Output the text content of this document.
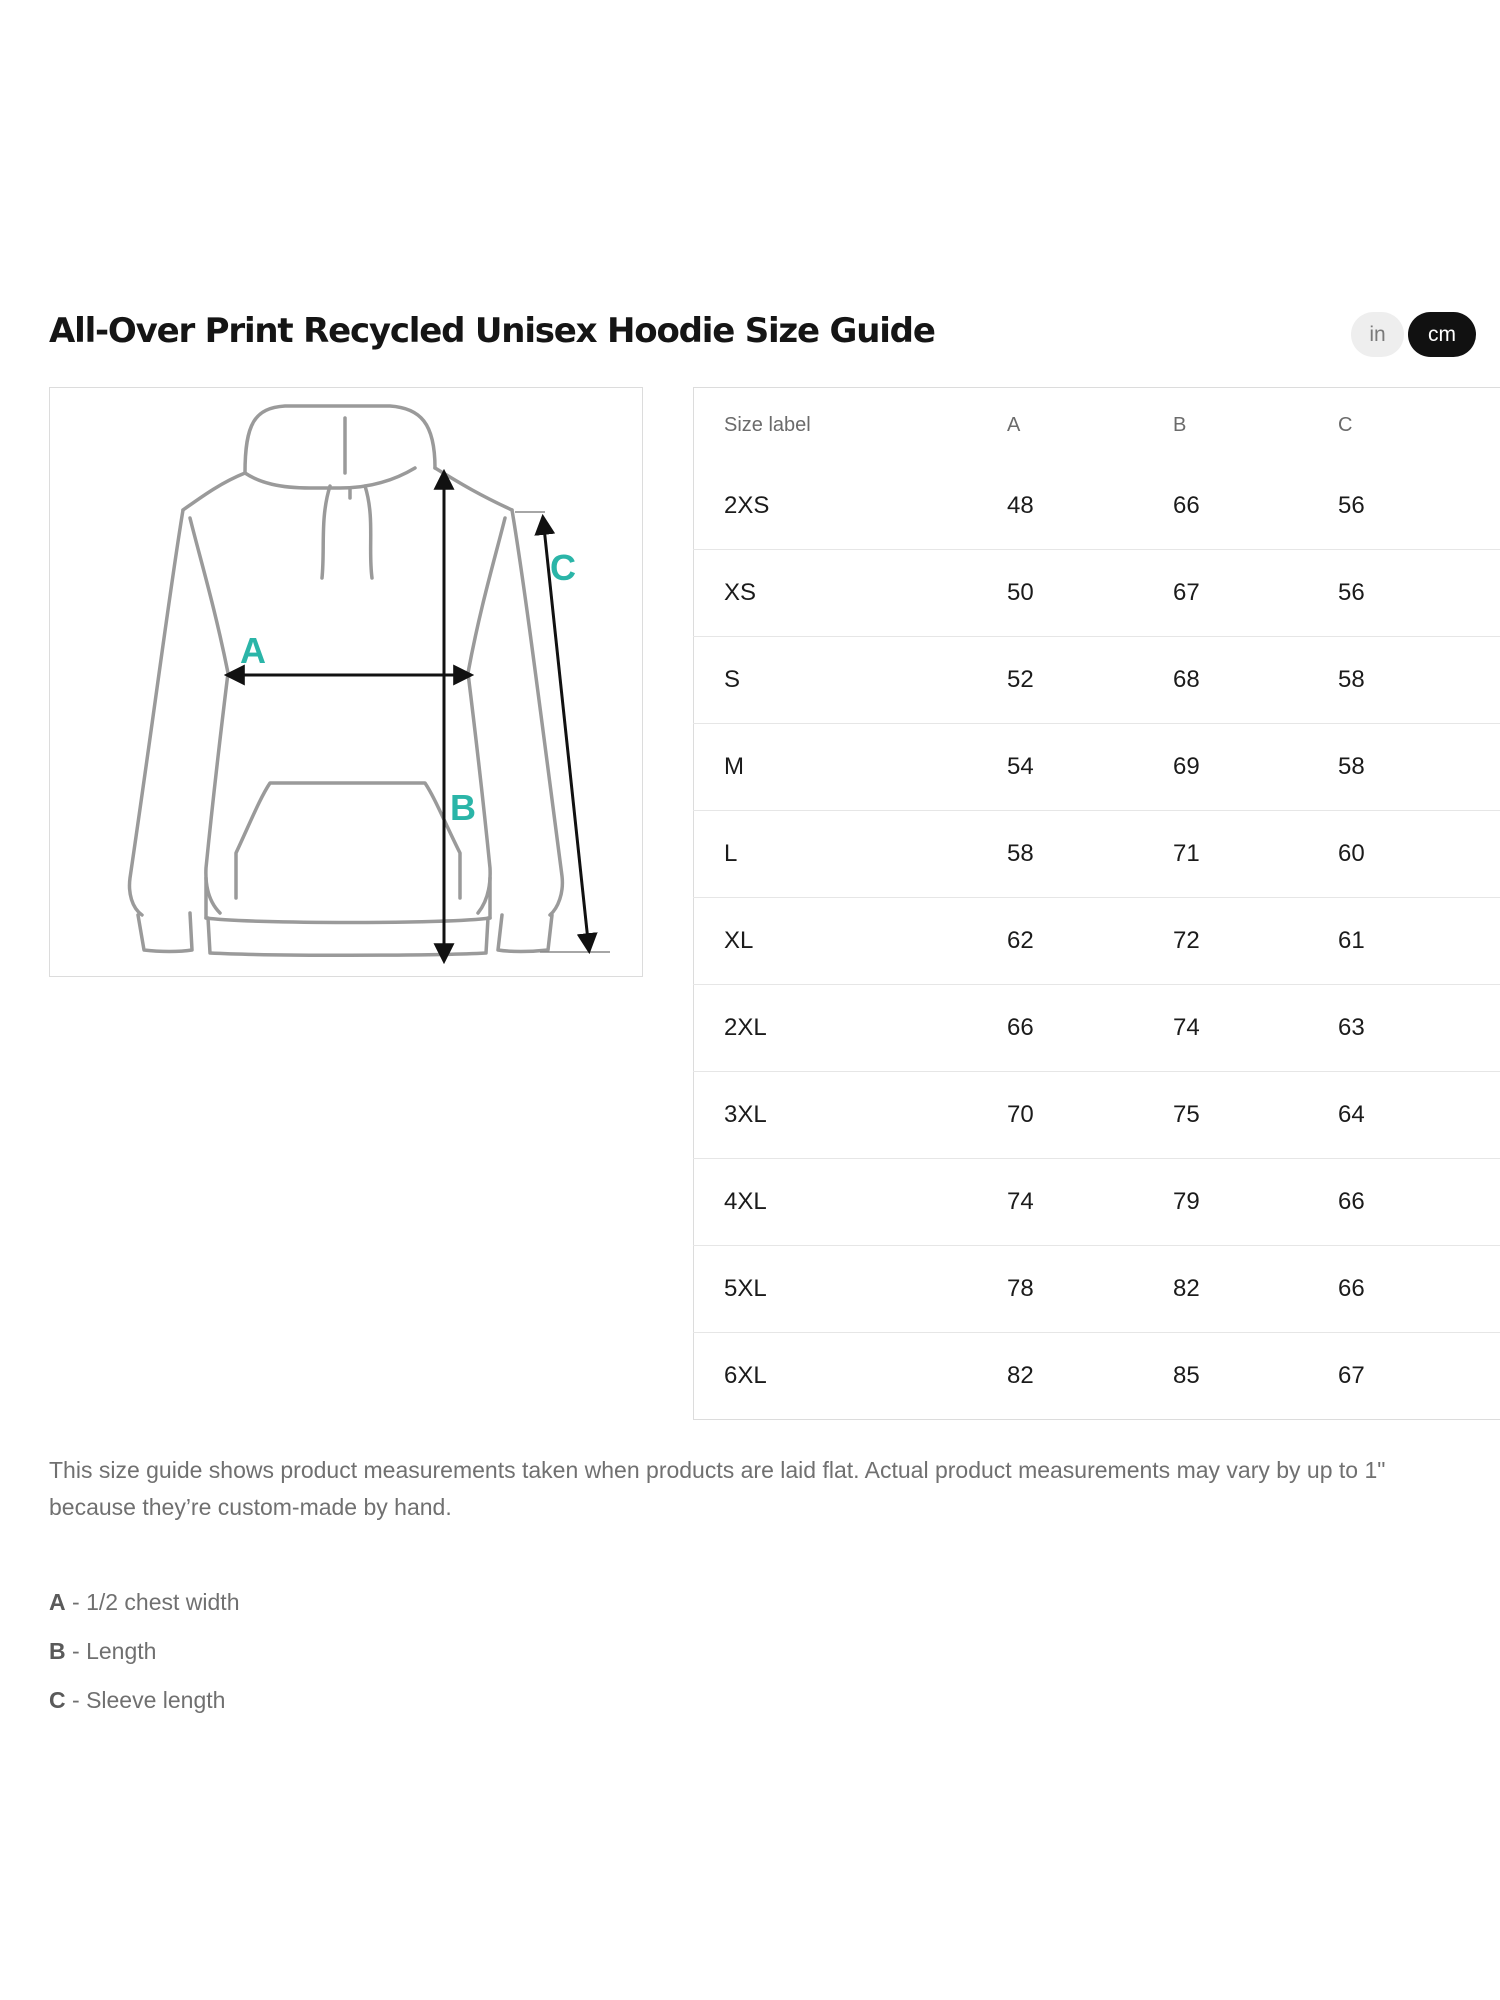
All-Over Print Recycled Unisex Hoodie Size Guide	in	cm
A
B
C
Size label	A	B	C
2XS	48	66	56
XS	50	67	56
S	52	68	58
M	54	69	58
L	58	71	60
XL	62	72	61
2XL	66	74	63
3XL	70	75	64
4XL	74	79	66
5XL	78	82	66
6XL	82	85	67

This size guide shows product measurements taken when products are laid flat. Actual product measurements may vary by up to 1" because they’re custom-made by hand.

A - 1/2 chest width
B - Length
C - Sleeve length
